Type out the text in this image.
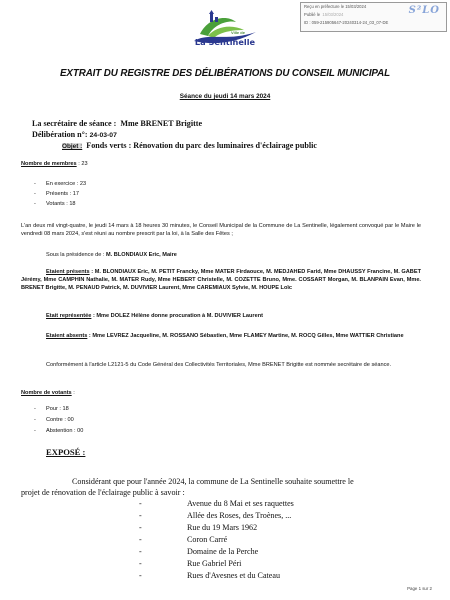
Reçu en préfecture le 15/03/2024
Publié le 15/03/2024
ID : 059-215905647-20240314-24_03_07-DE
S²LO
Ville de
La Sentinelle
EXTRAIT DU REGISTRE DES DÉLIBÉRATIONS DU CONSEIL MUNICIPAL
Séance du jeudi 14 mars 2024
La secrétaire de séance : Mme BRENET Brigitte
Délibération n°: 24-03-07
Objet : Fonds verts : Rénovation du parc des luminaires d'éclairage public
Nombre de membres : 23
- En exercice : 23
- Présents : 17
- Votants : 18
L'an deux mil vingt-quatre, le jeudi 14 mars à 18 heures 30 minutes, le Conseil Municipal de la Commune de La Sentinelle, légalement convoqué par le Maire le vendredi 08 mars 2024, s'est réuni au nombre prescrit par la loi, à la Salle des Fêtes ;
Sous la présidence de : M. BLONDIAUX Eric, Maire
Etaient présents : M. BLONDIAUX Eric, M. PETIT Francky, Mme MATER Firdaouce, M. MEDJAHED Farid, Mme DHAUSSY Francine, M. GABET Jérémy, Mme CAMPHIN Nathalie, M. MATER Rudy, Mme HEBERT Christelle, M. COZETTE Bruno, Mme. COSSART Morgan, M. BLANPAIN Evan, Mme. BRENET Brigitte, M. PENAUD Patrick, M. DUVIVIER Laurent, Mme CAREMIAUX Sylvie, M. HOUPE Loïc
Etait représentée : Mme DOLEZ Hélène donne procuration à M. DUVIVIER Laurent
Etaient absents : Mme LEVREZ Jacqueline, M. ROSSANO Sébastien, Mme FLAMEY Martine, M. ROCQ Gilles, Mme WATTIER Christiane
Conformément à l'article L2121-5 du Code Général des Collectivités Territoriales, Mme BRENET Brigitte est nommée secrétaire de séance.
Nombre de votants :
- Pour : 18
- Contre : 00
- Abstention : 00
EXPOSÉ :
Considérant que pour l'année 2024, la commune de La Sentinelle souhaite soumettre le
projet de rénovation de l'éclairage public à savoir :
-	Avenue du 8 Mai et ses raquettes
-	Allée des Roses, des Troènes, ...
-	Rue du 19 Mars 1962
-	Coron Carré
-	Domaine de la Perche
-	Rue Gabriel Péri
-	Rues d'Avesnes et du Cateau
Page 1 sur 2
